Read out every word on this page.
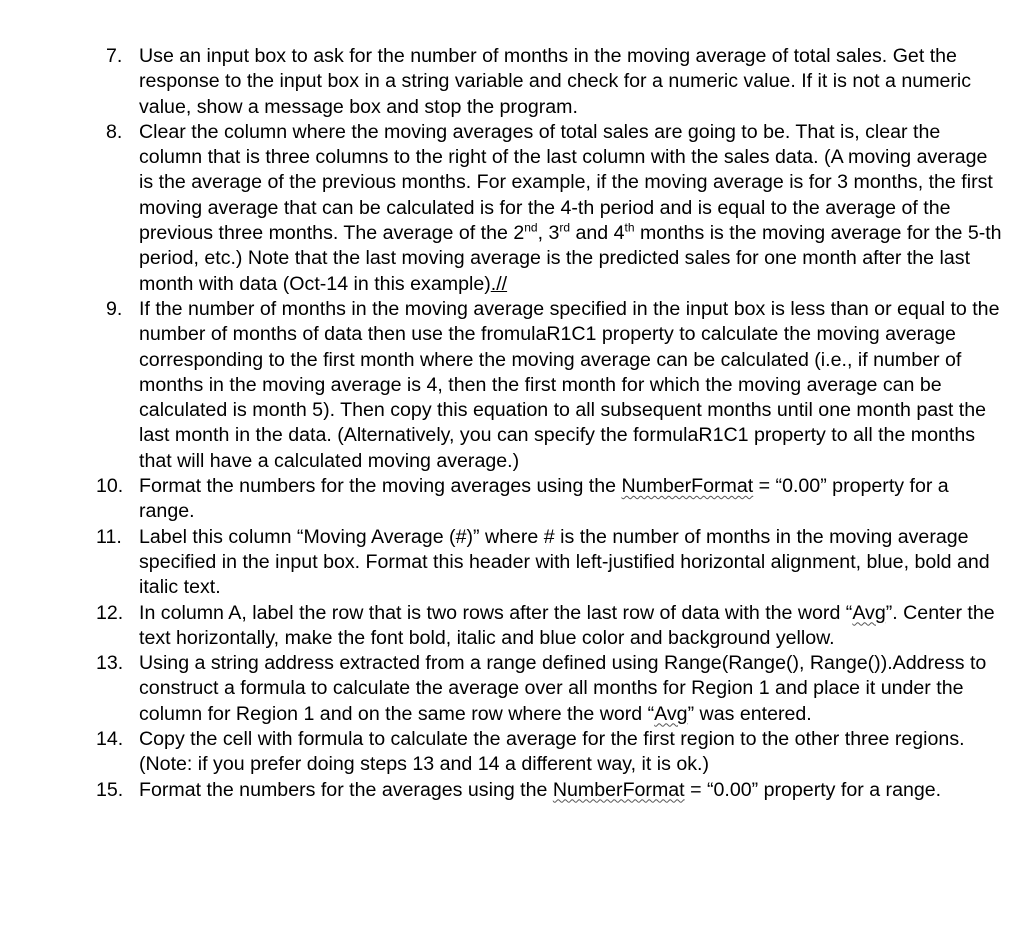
7. Use an input box to ask for the number of months in the moving average of total sales. Get the response to the input box in a string variable and check for a numeric value. If it is not a numeric value, show a message box and stop the program.
8. Clear the column where the moving averages of total sales are going to be. That is, clear the column that is three columns to the right of the last column with the sales data. (A moving average is the average of the previous months. For example, if the moving average is for 3 months, the first moving average that can be calculated is for the 4-th period and is equal to the average of the previous three months. The average of the 2nd, 3rd and 4th months is the moving average for the 5-th period, etc.) Note that the last moving average is the predicted sales for one month after the last month with data (Oct-14 in this example).//
9. If the number of months in the moving average specified in the input box is less than or equal to the number of months of data then use the fromulaR1C1 property to calculate the moving average corresponding to the first month where the moving average can be calculated (i.e., if number of months in the moving average is 4, then the first month for which the moving average can be calculated is month 5). Then copy this equation to all subsequent months until one month past the last month in the data. (Alternatively, you can specify the formulaR1C1 property to all the months that will have a calculated moving average.)
10. Format the numbers for the moving averages using the NumberFormat = “0.00” property for a range.
11. Label this column “Moving Average (#)” where # is the number of months in the moving average specified in the input box. Format this header with left-justified horizontal alignment, blue, bold and italic text.
12. In column A, label the row that is two rows after the last row of data with the word “Avg”. Center the text horizontally, make the font bold, italic and blue color and background yellow.
13. Using a string address extracted from a range defined using Range(Range(), Range()).Address to construct a formula to calculate the average over all months for Region 1 and place it under the column for Region 1 and on the same row where the word “Avg” was entered.
14. Copy the cell with formula to calculate the average for the first region to the other three regions. (Note: if you prefer doing steps 13 and 14 a different way, it is ok.)
15. Format the numbers for the averages using the NumberFormat = “0.00” property for a range.
